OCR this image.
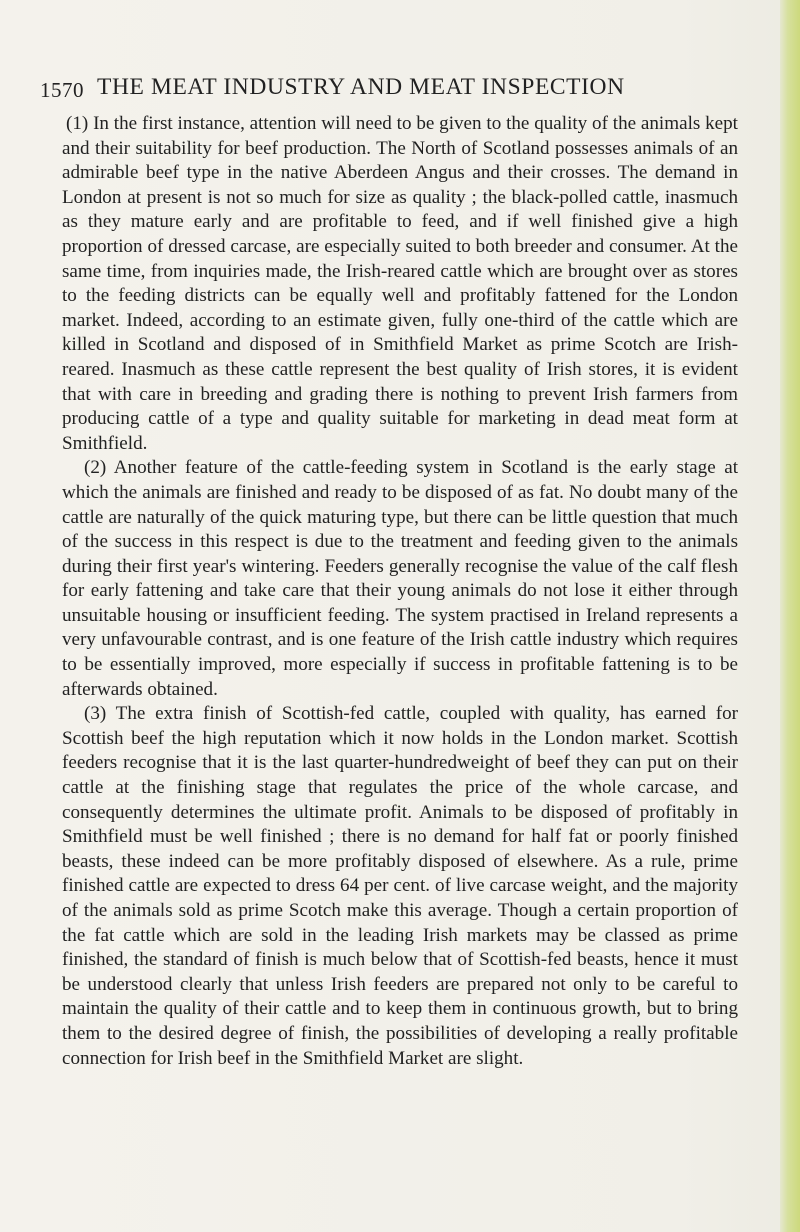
1570 THE MEAT INDUSTRY AND MEAT INSPECTION

(1) In the first instance, attention will need to be given to the quality of the animals kept and their suitability for beef production. The North of Scotland possesses animals of an admirable beef type in the native Aberdeen Angus and their crosses. The demand in London at present is not so much for size as quality ; the black-polled cattle, inasmuch as they mature early and are profitable to feed, and if well finished give a high proportion of dressed carcase, are especially suited to both breeder and consumer. At the same time, from inquiries made, the Irish-reared cattle which are brought over as stores to the feeding districts can be equally well and profitably fattened for the London market. Indeed, according to an estimate given, fully one-third of the cattle which are killed in Scotland and disposed of in Smithfield Market as prime Scotch are Irish-reared. Inasmuch as these cattle represent the best quality of Irish stores, it is evident that with care in breeding and grading there is nothing to prevent Irish farmers from producing cattle of a type and quality suitable for marketing in dead meat form at Smithfield.

(2) Another feature of the cattle-feeding system in Scotland is the early stage at which the animals are finished and ready to be disposed of as fat. No doubt many of the cattle are naturally of the quick maturing type, but there can be little question that much of the success in this respect is due to the treatment and feeding given to the animals during their first year's wintering. Feeders generally recognise the value of the calf flesh for early fattening and take care that their young animals do not lose it either through unsuitable housing or insufficient feeding. The system practised in Ireland represents a very unfavourable contrast, and is one feature of the Irish cattle industry which requires to be essentially improved, more especially if success in profitable fattening is to be afterwards obtained.

(3) The extra finish of Scottish-fed cattle, coupled with quality, has earned for Scottish beef the high reputation which it now holds in the London market. Scottish feeders recognise that it is the last quarter-hundredweight of beef they can put on their cattle at the finishing stage that regulates the price of the whole carcase, and consequently determines the ultimate profit. Animals to be disposed of profitably in Smithfield must be well finished ; there is no demand for half fat or poorly finished beasts, these indeed can be more profitably disposed of elsewhere. As a rule, prime finished cattle are expected to dress 64 per cent. of live carcase weight, and the majority of the animals sold as prime Scotch make this average. Though a certain proportion of the fat cattle which are sold in the leading Irish markets may be classed as prime finished, the standard of finish is much below that of Scottish-fed beasts, hence it must be understood clearly that unless Irish feeders are prepared not only to be careful to maintain the quality of their cattle and to keep them in continuous growth, but to bring them to the desired degree of finish, the possibilities of developing a really profitable connection for Irish beef in the Smithfield Market are slight.
